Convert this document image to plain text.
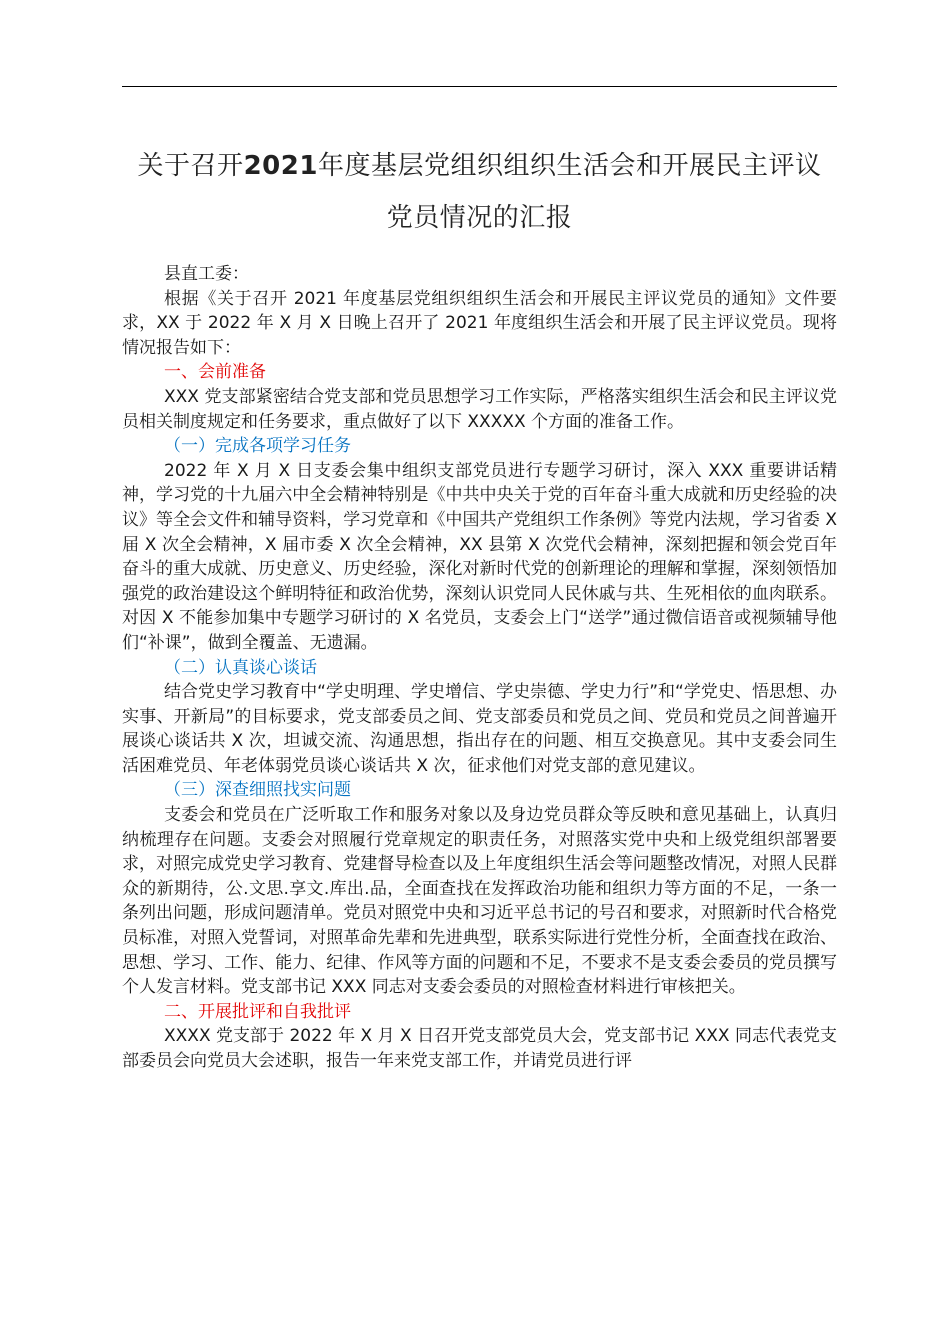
关于召开2021年度基层党组织组织生活会和开展民主评议
党员情况的汇报

县直工委：

根据《关于召开 2021 年度基层党组织组织生活会和开展民主评议党员的通知》文件要求，XX 于 2022 年 X 月 X 日晚上召开了 2021 年度组织生活会和开展了民主评议党员。现将情况报告如下：

一、会前准备

XXX 党支部紧密结合党支部和党员思想学习工作实际，严格落实组织生活会和民主评议党员相关制度规定和任务要求，重点做好了以下 XXXXX 个方面的准备工作。

（一）完成各项学习任务

2022 年 X 月 X 日支委会集中组织支部党员进行专题学习研讨，深入 XXX 重要讲话精神，学习党的十九届六中全会精神特别是《中共中央关于党的百年奋斗重大成就和历史经验的决议》等全会文件和辅导资料，学习党章和《中国共产党组织工作条例》等党内法规，学习省委 X 届 X 次全会精神，X 届市委 X 次全会精神，XX 县第 X 次党代会精神，深刻把握和领会党百年奋斗的重大成就、历史意义、历史经验，深化对新时代党的创新理论的理解和掌握，深刻领悟加强党的政治建设这个鲜明特征和政治优势，深刻认识党同人民休戚与共、生死相依的血肉联系。对因 X 不能参加集中专题学习研讨的 X 名党员，支委会上门“送学”通过微信语音或视频辅导他们“补课”，做到全覆盖、无遗漏。

（二）认真谈心谈话

结合党史学习教育中“学史明理、学史增信、学史崇德、学史力行”和“学党史、悟思想、办实事、开新局”的目标要求，党支部委员之间、党支部委员和党员之间、党员和党员之间普遍开展谈心谈话共 X 次，坦诚交流、沟通思想，指出存在的问题、相互交换意见。其中支委会同生活困难党员、年老体弱党员谈心谈话共 X 次，征求他们对党支部的意见建议。

（三）深查细照找实问题

支委会和党员在广泛听取工作和服务对象以及身边党员群众等反映和意见基础上，认真归纳梳理存在问题。支委会对照履行党章规定的职责任务，对照落实党中央和上级党组织部署要求，对照完成党史学习教育、党建督导检查以及上年度组织生活会等问题整改情况，对照人民群众的新期待，公.文思.享文.库出.品，全面查找在发挥政治功能和组织力等方面的不足，一条一条列出问题，形成问题清单。党员对照党中央和习近平总书记的号召和要求，对照新时代合格党员标准，对照入党誓词，对照革命先辈和先进典型，联系实际进行党性分析，全面查找在政治、思想、学习、工作、能力、纪律、作风等方面的问题和不足，不要求不是支委会委员的党员撰写个人发言材料。党支部书记 XXX 同志对支委会委员的对照检查材料进行审核把关。

二、开展批评和自我批评

XXXX 党支部于 2022 年 X 月 X 日召开党支部党员大会，党支部书记 XXX 同志代表党支部委员会向党员大会述职，报告一年来党支部工作，并请党员进行评
